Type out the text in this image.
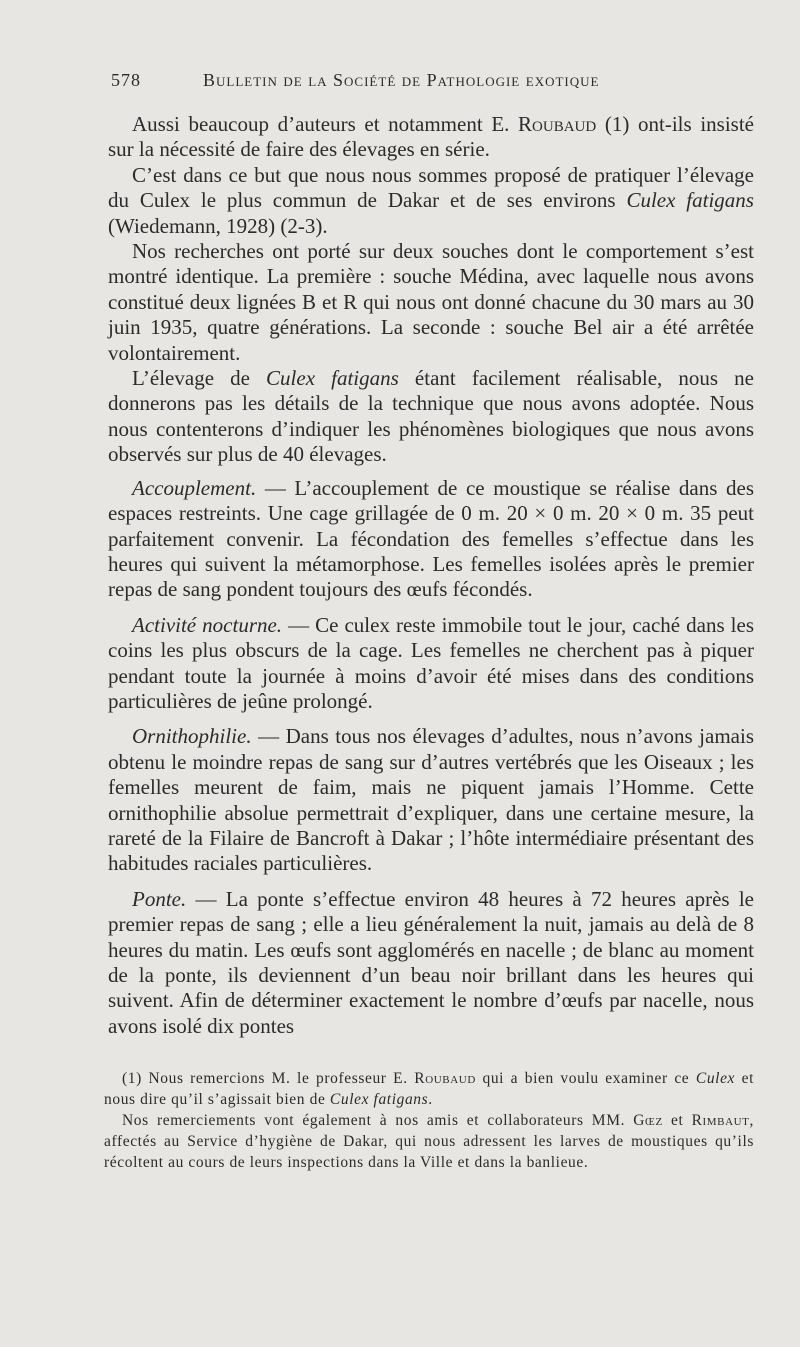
578	Bulletin de la Société de Pathologie exotique

Aussi beaucoup d’auteurs et notamment E. Roubaud (1) ont-ils insisté sur la nécessité de faire des élevages en série.

C’est dans ce but que nous nous sommes proposé de pratiquer l’élevage du Culex le plus commun de Dakar et de ses environs Culex fatigans (Wiedemann, 1928) (2-3).

Nos recherches ont porté sur deux souches dont le comportement s’est montré identique. La première : souche Médina, avec laquelle nous avons constitué deux lignées B et R qui nous ont donné chacune du 30 mars au 30 juin 1935, quatre générations. La seconde : souche Bel air a été arrêtée volontairement.

L’élevage de Culex fatigans étant facilement réalisable, nous ne donnerons pas les détails de la technique que nous avons adoptée. Nous nous contenterons d’indiquer les phénomènes biologiques que nous avons observés sur plus de 40 élevages.

Accouplement. — L’accouplement de ce moustique se réalise dans des espaces restreints. Une cage grillagée de 0 m. 20 × 0 m. 20 × 0 m. 35 peut parfaitement convenir. La fécondation des femelles s’effectue dans les heures qui suivent la métamorphose. Les femelles isolées après le premier repas de sang pondent toujours des œufs fécondés.

Activité nocturne. — Ce culex reste immobile tout le jour, caché dans les coins les plus obscurs de la cage. Les femelles ne cherchent pas à piquer pendant toute la journée à moins d’avoir été mises dans des conditions particulières de jeûne prolongé.

Ornithophilie. — Dans tous nos élevages d’adultes, nous n’avons jamais obtenu le moindre repas de sang sur d’autres vertébrés que les Oiseaux ; les femelles meurent de faim, mais ne piquent jamais l’Homme. Cette ornithophilie absolue permettrait d’expliquer, dans une certaine mesure, la rareté de la Filaire de Bancroft à Dakar ; l’hôte intermédiaire présentant des habitudes raciales particulières.

Ponte. — La ponte s’effectue environ 48 heures à 72 heures après le premier repas de sang ; elle a lieu généralement la nuit, jamais au delà de 8 heures du matin. Les œufs sont agglomérés en nacelle ; de blanc au moment de la ponte, ils deviennent d’un beau noir brillant dans les heures qui suivent. Afin de déterminer exactement le nombre d’œufs par nacelle, nous avons isolé dix pontes

(1) Nous remercions M. le professeur E. Roubaud qui a bien voulu examiner ce Culex et nous dire qu’il s’agissait bien de Culex fatigans.

Nos remerciements vont également à nos amis et collaborateurs MM. Gœz et Rimbaut, affectés au Service d’hygiène de Dakar, qui nous adressent les larves de moustiques qu’ils récoltent au cours de leurs inspections dans la Ville et dans la banlieue.
